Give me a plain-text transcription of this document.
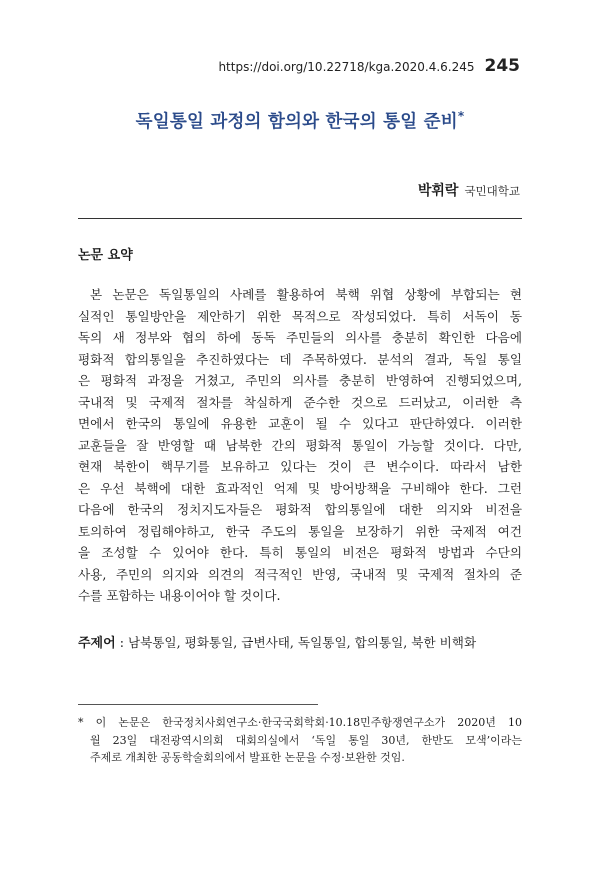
https://doi.org/10.22718/kga.2020.4.6.245 245
독일통일 과정의 함의와 한국의 통일 준비*
박휘락 국민대학교
논문 요약
본 논문은 독일통일의 사례를 활용하여 북핵 위협 상황에 부합되는 현
실적인 통일방안을 제안하기 위한 목적으로 작성되었다. 특히 서독이 동
독의 새 정부와 협의 하에 동독 주민들의 의사를 충분히 확인한 다음에
평화적 합의통일을 추진하였다는 데 주목하였다. 분석의 결과, 독일 통일
은 평화적 과정을 거쳤고, 주민의 의사를 충분히 반영하여 진행되었으며,
국내적 및 국제적 절차를 착실하게 준수한 것으로 드러났고, 이러한 측
면에서 한국의 통일에 유용한 교훈이 될 수 있다고 판단하였다. 이러한
교훈들을 잘 반영할 때 남북한 간의 평화적 통일이 가능할 것이다. 다만,
현재 북한이 핵무기를 보유하고 있다는 것이 큰 변수이다. 따라서 남한
은 우선 북핵에 대한 효과적인 억제 및 방어방책을 구비해야 한다. 그런
다음에 한국의 정치지도자들은 평화적 합의통일에 대한 의지와 비전을
토의하여 정립해야하고, 한국 주도의 통일을 보장하기 위한 국제적 여건
을 조성할 수 있어야 한다. 특히 통일의 비전은 평화적 방법과 수단의
사용, 주민의 의지와 의견의 적극적인 반영, 국내적 및 국제적 절차의 준
수를 포함하는 내용이어야 할 것이다.
주제어 : 남북통일, 평화통일, 급변사태, 독일통일, 합의통일, 북한 비핵화
* 이 논문은 한국정치사회연구소·한국국회학회·10.18민주항쟁연구소가 2020년 10
월 23일 대전광역시의회 대회의실에서 ‘독일 통일 30년, 한반도 모색’이라는
주제로 개최한 공동학술회의에서 발표한 논문을 수정·보완한 것임.
